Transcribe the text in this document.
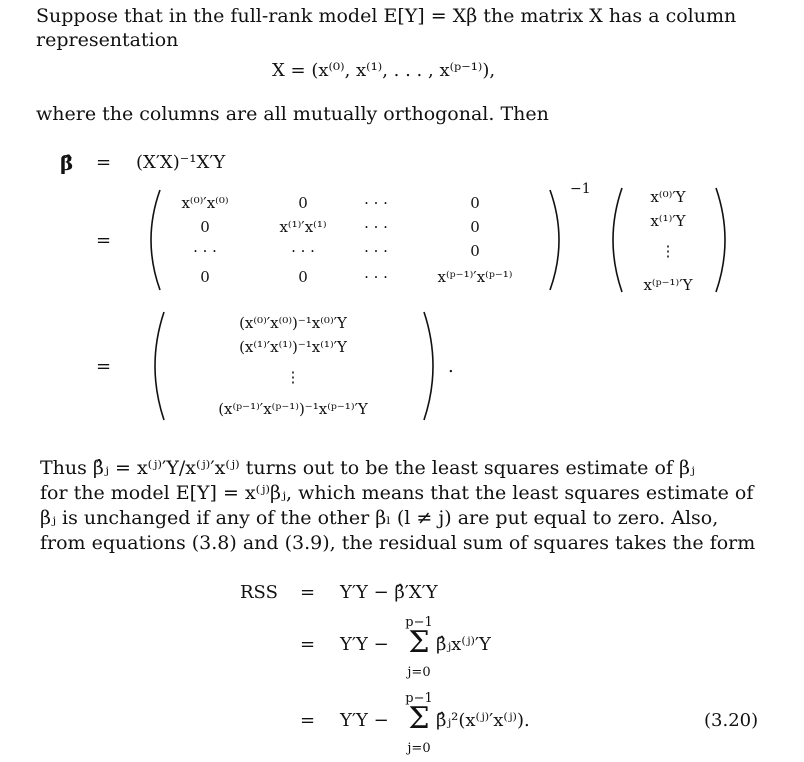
Suppose that in the full-rank model E[Y] = Xβ the matrix X has a column
representation
X = (x⁽⁰⁾, x⁽¹⁾, . . . , x⁽ᵖ⁻¹⁾),
where the columns are all mutually orthogonal. Then
β̂ = (X′X)⁻¹X′Y
=
−1
x⁽⁰⁾′x⁽⁰⁾	0	· · ·	0
0	x⁽¹⁾′x⁽¹⁾	· · ·	0
· · ·	· · ·	· · ·	0
0	0	· · ·	x⁽ᵖ⁻¹⁾′x⁽ᵖ⁻¹⁾
x⁽⁰⁾′Y
x⁽¹⁾′Y
⋮
x⁽ᵖ⁻¹⁾′Y
=
(x⁽⁰⁾′x⁽⁰⁾)⁻¹x⁽⁰⁾′Y
(x⁽¹⁾′x⁽¹⁾)⁻¹x⁽¹⁾′Y
⋮
(x⁽ᵖ⁻¹⁾′x⁽ᵖ⁻¹⁾)⁻¹x⁽ᵖ⁻¹⁾′Y
.
Thus β̂ⱼ = x⁽ʲ⁾′Y/x⁽ʲ⁾′x⁽ʲ⁾ turns out to be the least squares estimate of βⱼ
for the model E[Y] = x⁽ʲ⁾βⱼ, which means that the least squares estimate of
βⱼ is unchanged if any of the other βₗ (l ≠ j) are put equal to zero. Also,
from equations (3.8) and (3.9), the residual sum of squares takes the form
RSS = Y′Y − β̂′X′Y
= Y′Y −
p−1
Σ
j=0
β̂ⱼx⁽ʲ⁾′Y
= Y′Y −
p−1
Σ
j=0
β̂ⱼ²(x⁽ʲ⁾′x⁽ʲ⁾).	(3.20)
